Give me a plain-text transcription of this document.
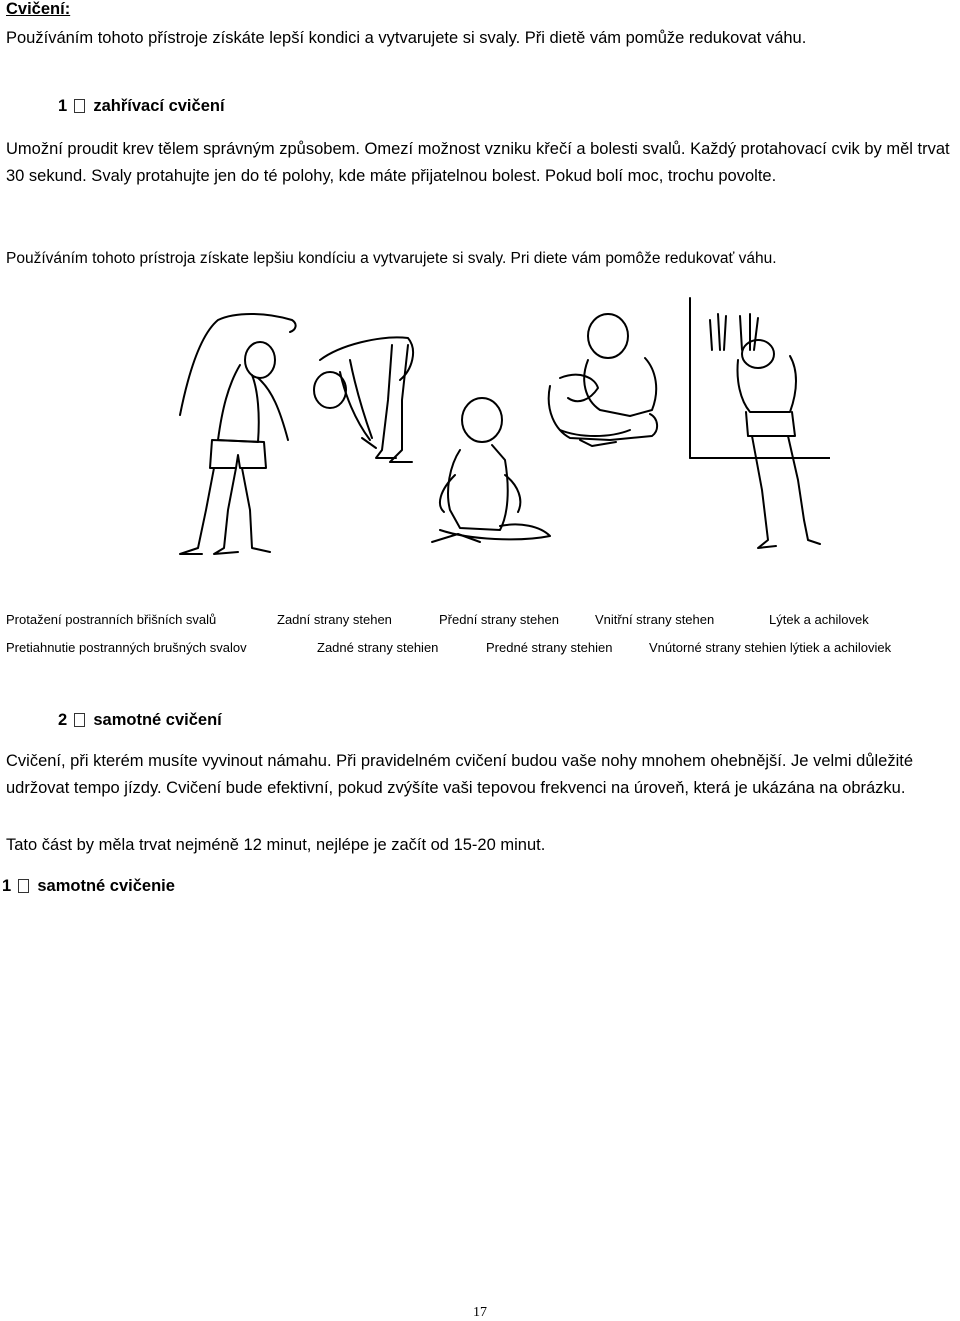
Cvičení:
Používáním tohoto přístroje získáte lepší kondici a vytvarujete si svaly. Při dietě vám pomůže redukovat váhu.
1 zahřívací cvičení
Umožní proudit krev tělem správným způsobem. Omezí možnost vzniku křečí a bolesti svalů. Každý protahovací cvik by měl trvat 30 sekund. Svaly protahujte jen do té polohy, kde máte přijatelnou bolest. Pokud bolí moc, trochu povolte.
Používáním tohoto prístroja získate lepšiu kondíciu a vytvarujete si svaly. Pri diete vám pomôže redukovať váhu.
Protažení postranních břišních svalů	Zadní strany stehen	Přední strany stehen	Vnitřní strany stehen	Lýtek a achilovek
Pretiahnutie postranných brušných svalov	Zadné strany stehien	Predné strany stehien	Vnútorné strany stehien lýtiek a achiloviek
2 samotné cvičení
Cvičení, při kterém musíte vyvinout námahu. Při pravidelném cvičení budou vaše nohy mnohem ohebnější. Je velmi důležité udržovat tempo jízdy. Cvičení bude efektivní, pokud zvýšíte vaši tepovou frekvenci na úroveň, která je ukázána na obrázku.
Tato část by měla trvat nejméně 12 minut, nejlépe je začít od 15-20 minut.
1 samotné cvičenie
17
